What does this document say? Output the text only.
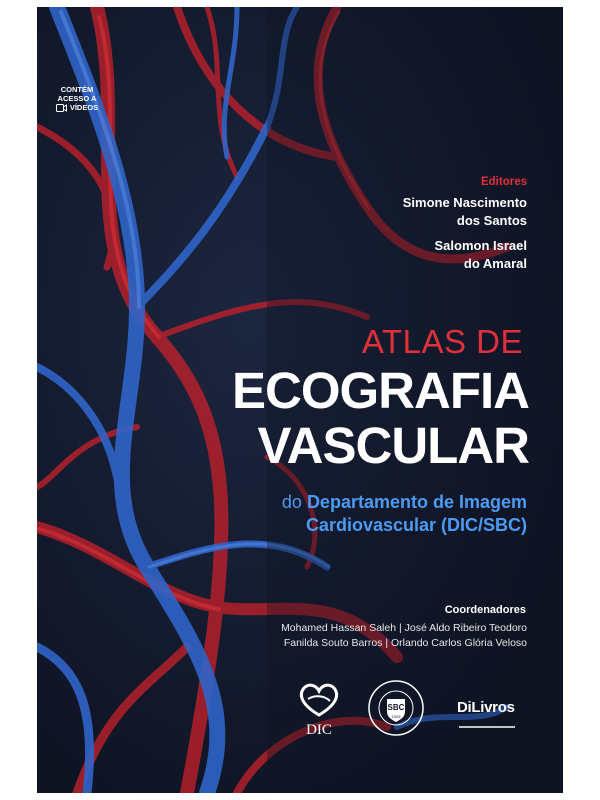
CONTÉM
ACESSO A
VÍDEOS
Editores
Simone Nascimento
dos Santos
Salomon Israel
do Amaral
ATLAS DE
ECOGRAFIA
VASCULAR
do Departamento de Imagem
Cardiovascular (DIC/SBC)
Coordenadores
Mohamed Hassan Saleh | José Aldo Ribeiro Teodoro
Fanilda Souto Barros | Orlando Carlos Glória Veloso
DIC
SBC
1943
DiLivros
